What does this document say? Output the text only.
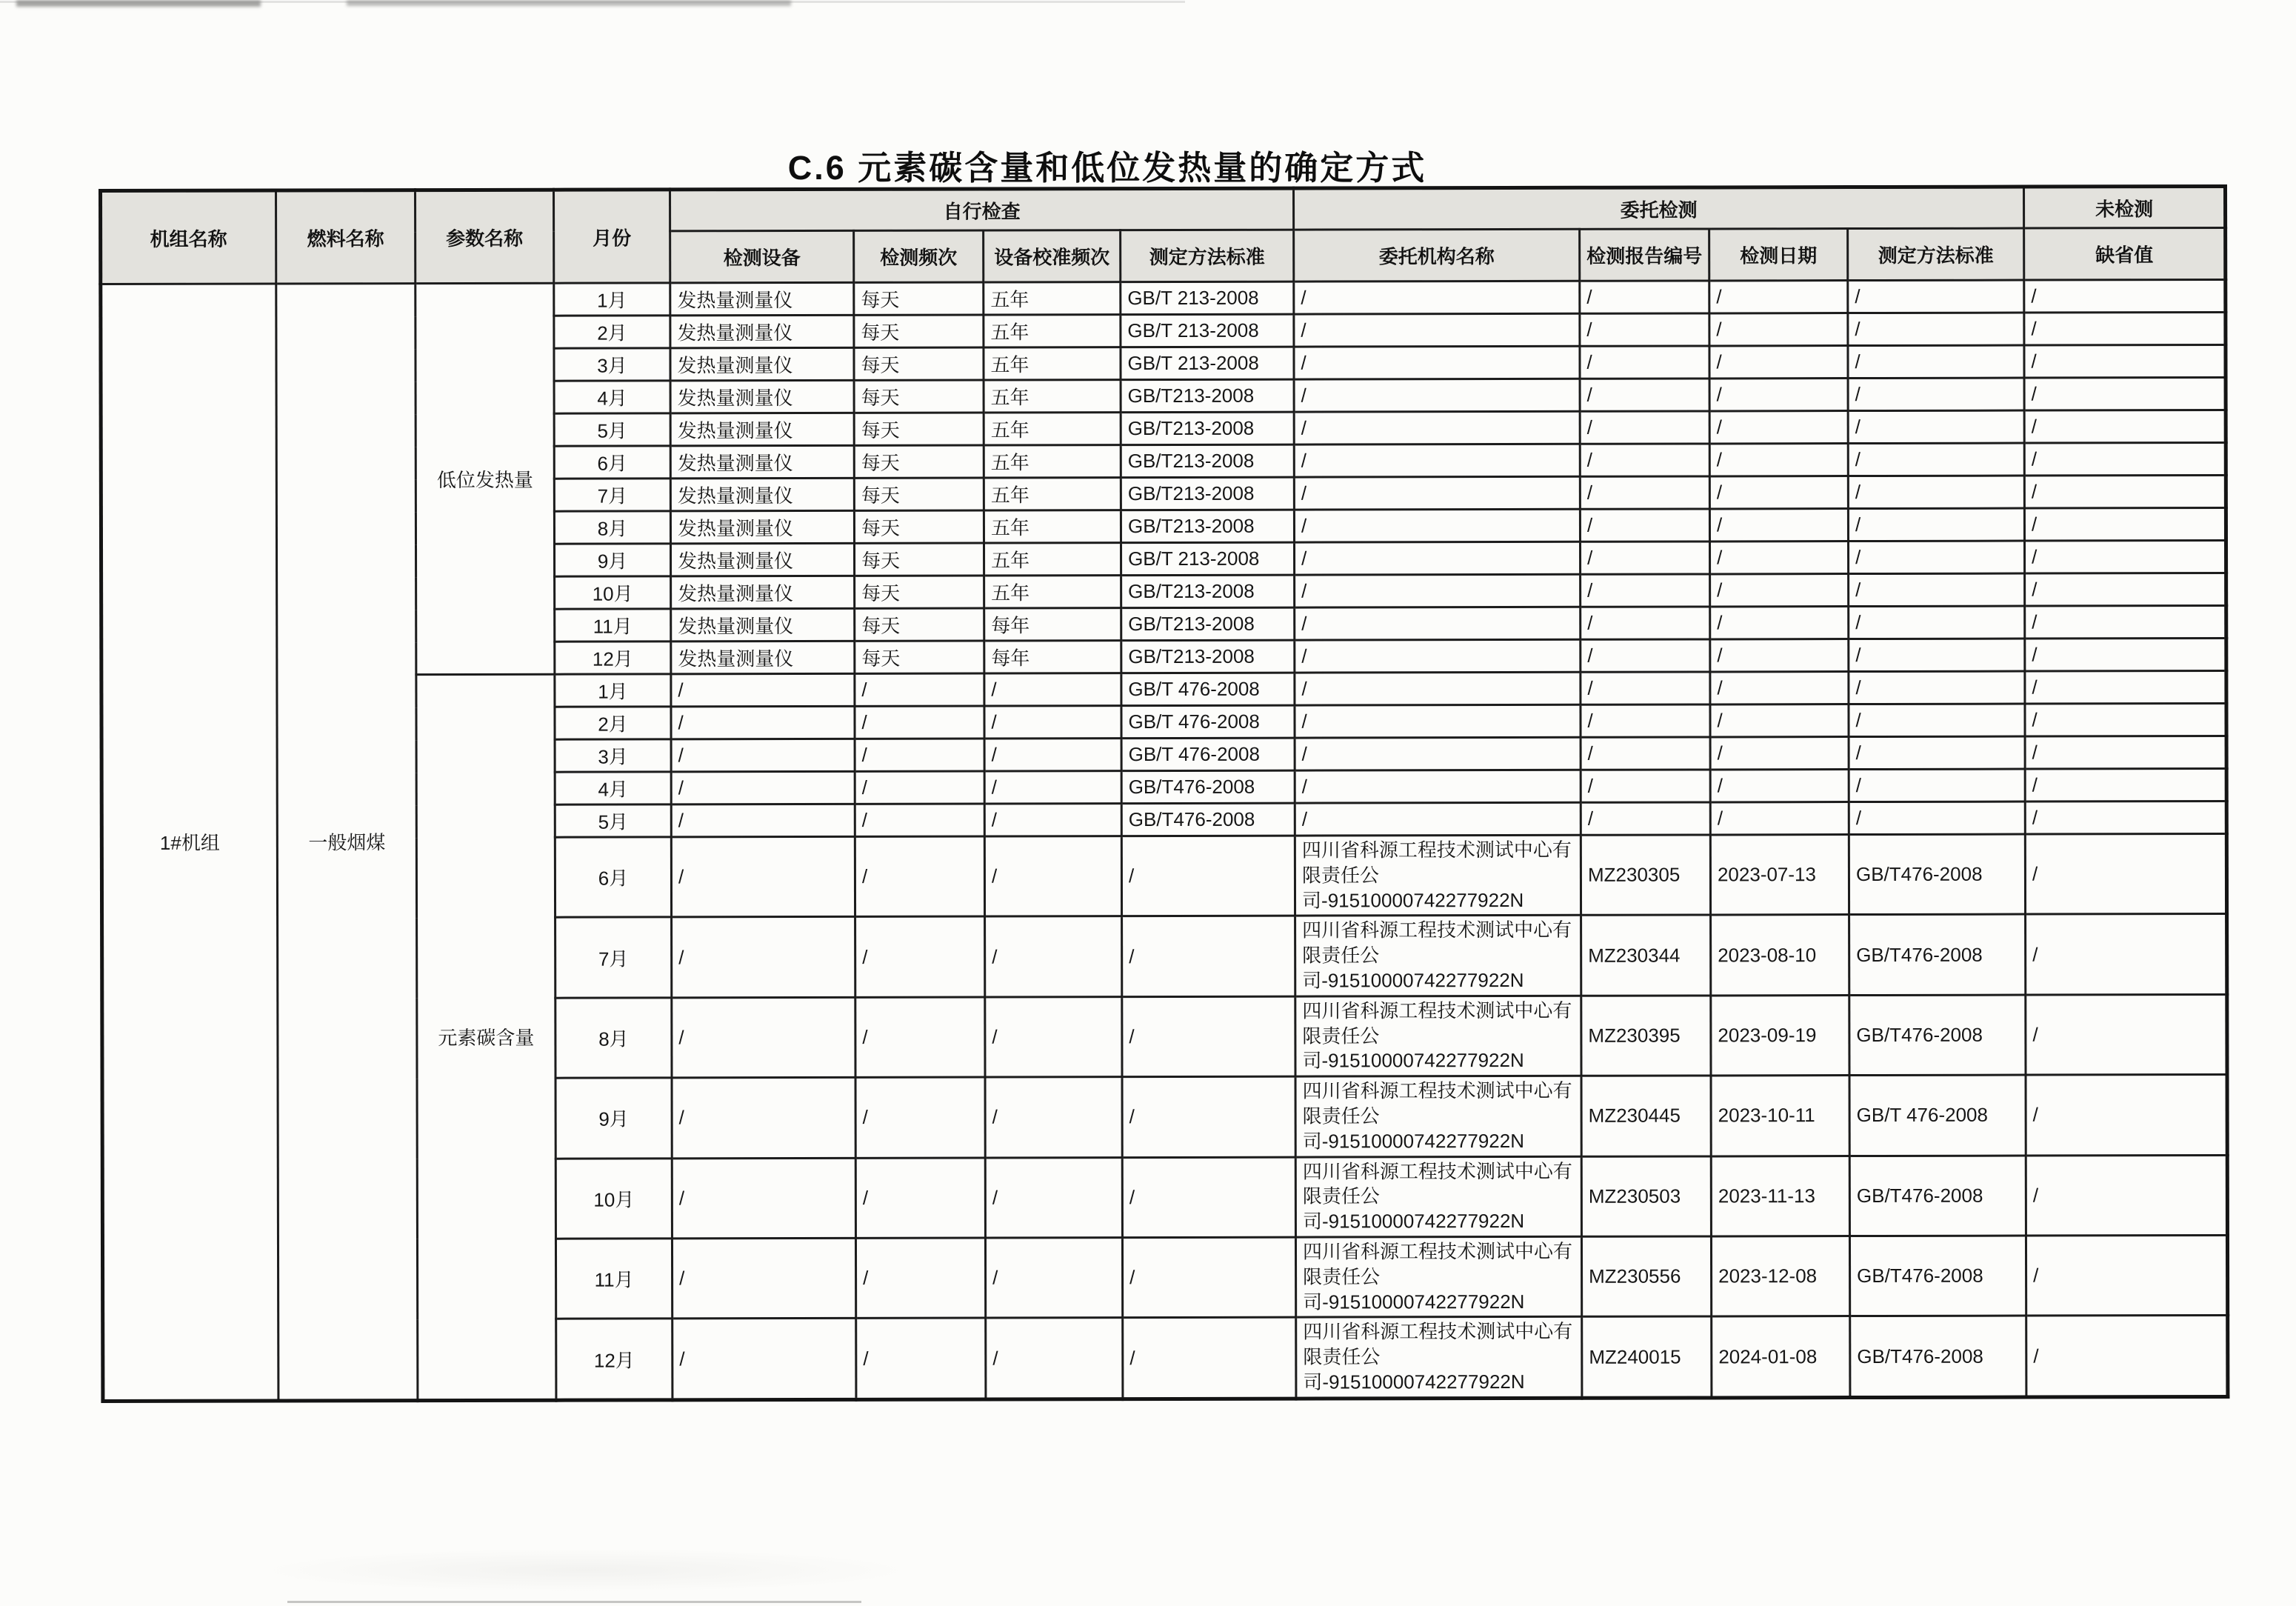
C.6 元素碳含量和低位发热量的确定方式
机组名称	燃料名称	参数名称	月份	自行检查				委托检测				未检测
				检测设备	检测频次	设备校准频次	测定方法标准	委托机构名称	检测报告编号	检测日期	测定方法标准	缺省值
1#机组	一般烟煤	低位发热量	1月	发热量测量仪	每天	五年	GB/T 213-2008	/	/	/	/	/
			2月	发热量测量仪	每天	五年	GB/T 213-2008	/	/	/	/	/
			3月	发热量测量仪	每天	五年	GB/T 213-2008	/	/	/	/	/
			4月	发热量测量仪	每天	五年	GB/T213-2008	/	/	/	/	/
			5月	发热量测量仪	每天	五年	GB/T213-2008	/	/	/	/	/
			6月	发热量测量仪	每天	五年	GB/T213-2008	/	/	/	/	/
			7月	发热量测量仪	每天	五年	GB/T213-2008	/	/	/	/	/
			8月	发热量测量仪	每天	五年	GB/T213-2008	/	/	/	/	/
			9月	发热量测量仪	每天	五年	GB/T 213-2008	/	/	/	/	/
			10月	发热量测量仪	每天	五年	GB/T213-2008	/	/	/	/	/
			11月	发热量测量仪	每天	每年	GB/T213-2008	/	/	/	/	/
			12月	发热量测量仪	每天	每年	GB/T213-2008	/	/	/	/	/
		元素碳含量	1月	/	/	/	GB/T 476-2008	/	/	/	/	/
			2月	/	/	/	GB/T 476-2008	/	/	/	/	/
			3月	/	/	/	GB/T 476-2008	/	/	/	/	/
			4月	/	/	/	GB/T476-2008	/	/	/	/	/
			5月	/	/	/	GB/T476-2008	/	/	/	/	/
			6月	/	/	/	/	四川省科源工程技术测试中心有限责任公司-91510000742277922N	MZ230305	2023-07-13	GB/T476-2008	/
			7月	/	/	/	/	四川省科源工程技术测试中心有限责任公司-91510000742277922N	MZ230344	2023-08-10	GB/T476-2008	/
			8月	/	/	/	/	四川省科源工程技术测试中心有限责任公司-91510000742277922N	MZ230395	2023-09-19	GB/T476-2008	/
			9月	/	/	/	/	四川省科源工程技术测试中心有限责任公司-91510000742277922N	MZ230445	2023-10-11	GB/T 476-2008	/
			10月	/	/	/	/	四川省科源工程技术测试中心有限责任公司-91510000742277922N	MZ230503	2023-11-13	GB/T476-2008	/
			11月	/	/	/	/	四川省科源工程技术测试中心有限责任公司-91510000742277922N	MZ230556	2023-12-08	GB/T476-2008	/
			12月	/	/	/	/	四川省科源工程技术测试中心有限责任公司-91510000742277922N	MZ240015	2024-01-08	GB/T476-2008	/
